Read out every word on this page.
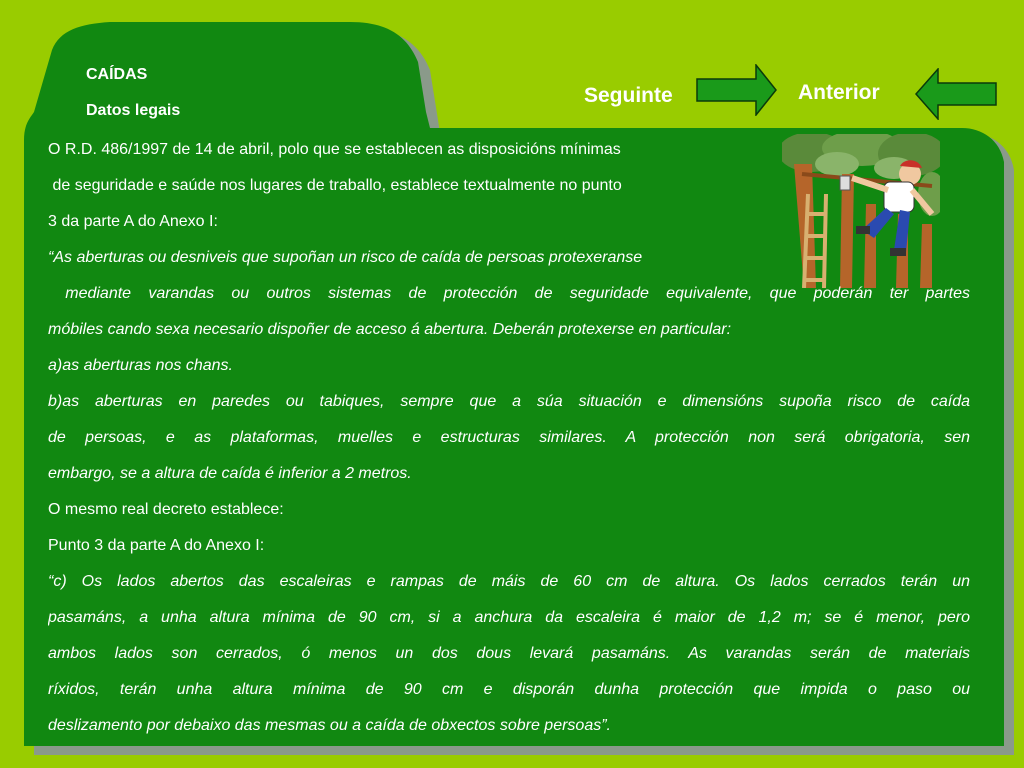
CAÍDAS
Datos legais
Seguinte	Anterior
O R.D. 486/1997 de 14 de abril, polo que se establecen as disposicións mínimas
de seguridade e saúde nos lugares de traballo, establece textualmente no punto
3 da parte A do Anexo I:
“As aberturas ou desniveis que supoñan un risco de caída de persoas protexeranse
mediante varandas ou outros sistemas de protección de seguridade equivalente, que poderán ter partes
móbiles cando sexa necesario dispoñer de acceso á abertura. Deberán protexerse en particular:
a)as aberturas nos chans.
b)as aberturas en paredes ou tabiques, sempre que a súa situación e dimensións supoña risco de caída
de persoas, e as plataformas, muelles e estructuras similares. A protección non será obrigatoria, sen
embargo, se a altura de caída é inferior a 2 metros.
O mesmo real decreto establece:
Punto 3 da parte A do Anexo I:
“c) Os lados abertos das escaleiras e rampas de máis de 60 cm de altura. Os lados cerrados terán un
pasamáns, a unha altura mínima de 90 cm, si a anchura da escaleira é maior de 1,2 m; se é menor, pero
ambos lados son cerrados, ó menos un dos dous levará pasamáns. As varandas serán de materiais
ríxidos, terán unha altura mínima de 90 cm e disporán dunha protección que impida o paso ou
deslizamento por debaixo das mesmas ou a caída de obxectos sobre persoas”.
